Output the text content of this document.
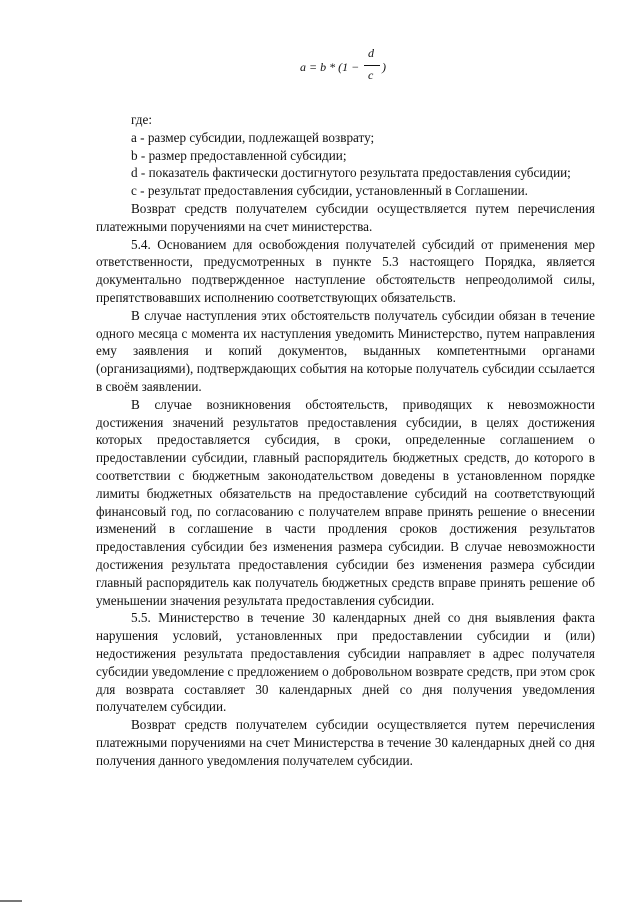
a = b * (1 −
d
c
)

где:

a - размер субсидии, подлежащей возврату;

b - размер предоставленной субсидии;

d - показатель фактически достигнутого результата предоставления субсидии;

c - результат предоставления субсидии, установленный в Соглашении.

Возврат средств получателем субсидии осуществляется путем перечисления платежными поручениями на счет министерства.

5.4. Основанием для освобождения получателей субсидий от применения мер ответственности, предусмотренных в пункте 5.3 настоящего Порядка, является документально подтвержденное наступление обстоятельств непреодолимой силы, препятствовавших исполнению соответствующих обязательств.

В случае наступления этих обстоятельств получатель субсидии обязан в течение одного месяца с момента их наступления уведомить Министерство, путем направления ему заявления и копий документов, выданных компетентными органами (организациями), подтверждающих события на которые получатель субсидии ссылается в своём заявлении.

В случае возникновения обстоятельств, приводящих к невозможности достижения значений результатов предоставления субсидии, в целях достижения которых предоставляется субсидия, в сроки, определенные соглашением о предоставлении субсидии, главный распорядитель бюджетных средств, до которого в соответствии с бюджетным законодательством доведены в установленном порядке лимиты бюджетных обязательств на предоставление субсидий на соответствующий финансовый год, по согласованию с получателем вправе принять решение о внесении изменений в соглашение в части продления сроков достижения результатов предоставления субсидии без изменения размера субсидии. В случае невозможности достижения результата предоставления субсидии без изменения размера субсидии главный распорядитель как получатель бюджетных средств вправе принять решение об уменьшении значения результата предоставления субсидии.

5.5. Министерство в течение 30 календарных дней со дня выявления факта нарушения условий, установленных при предоставлении субсидии и (или) недостижения результата предоставления субсидии направляет в адрес получателя субсидии уведомление с предложением о добровольном возврате средств, при этом срок для возврата составляет 30 календарных дней со дня получения уведомления получателем субсидии.

Возврат средств получателем субсидии осуществляется путем перечисления платежными поручениями на счет Министерства в течение 30 календарных дней со дня получения данного уведомления получателем субсидии.
